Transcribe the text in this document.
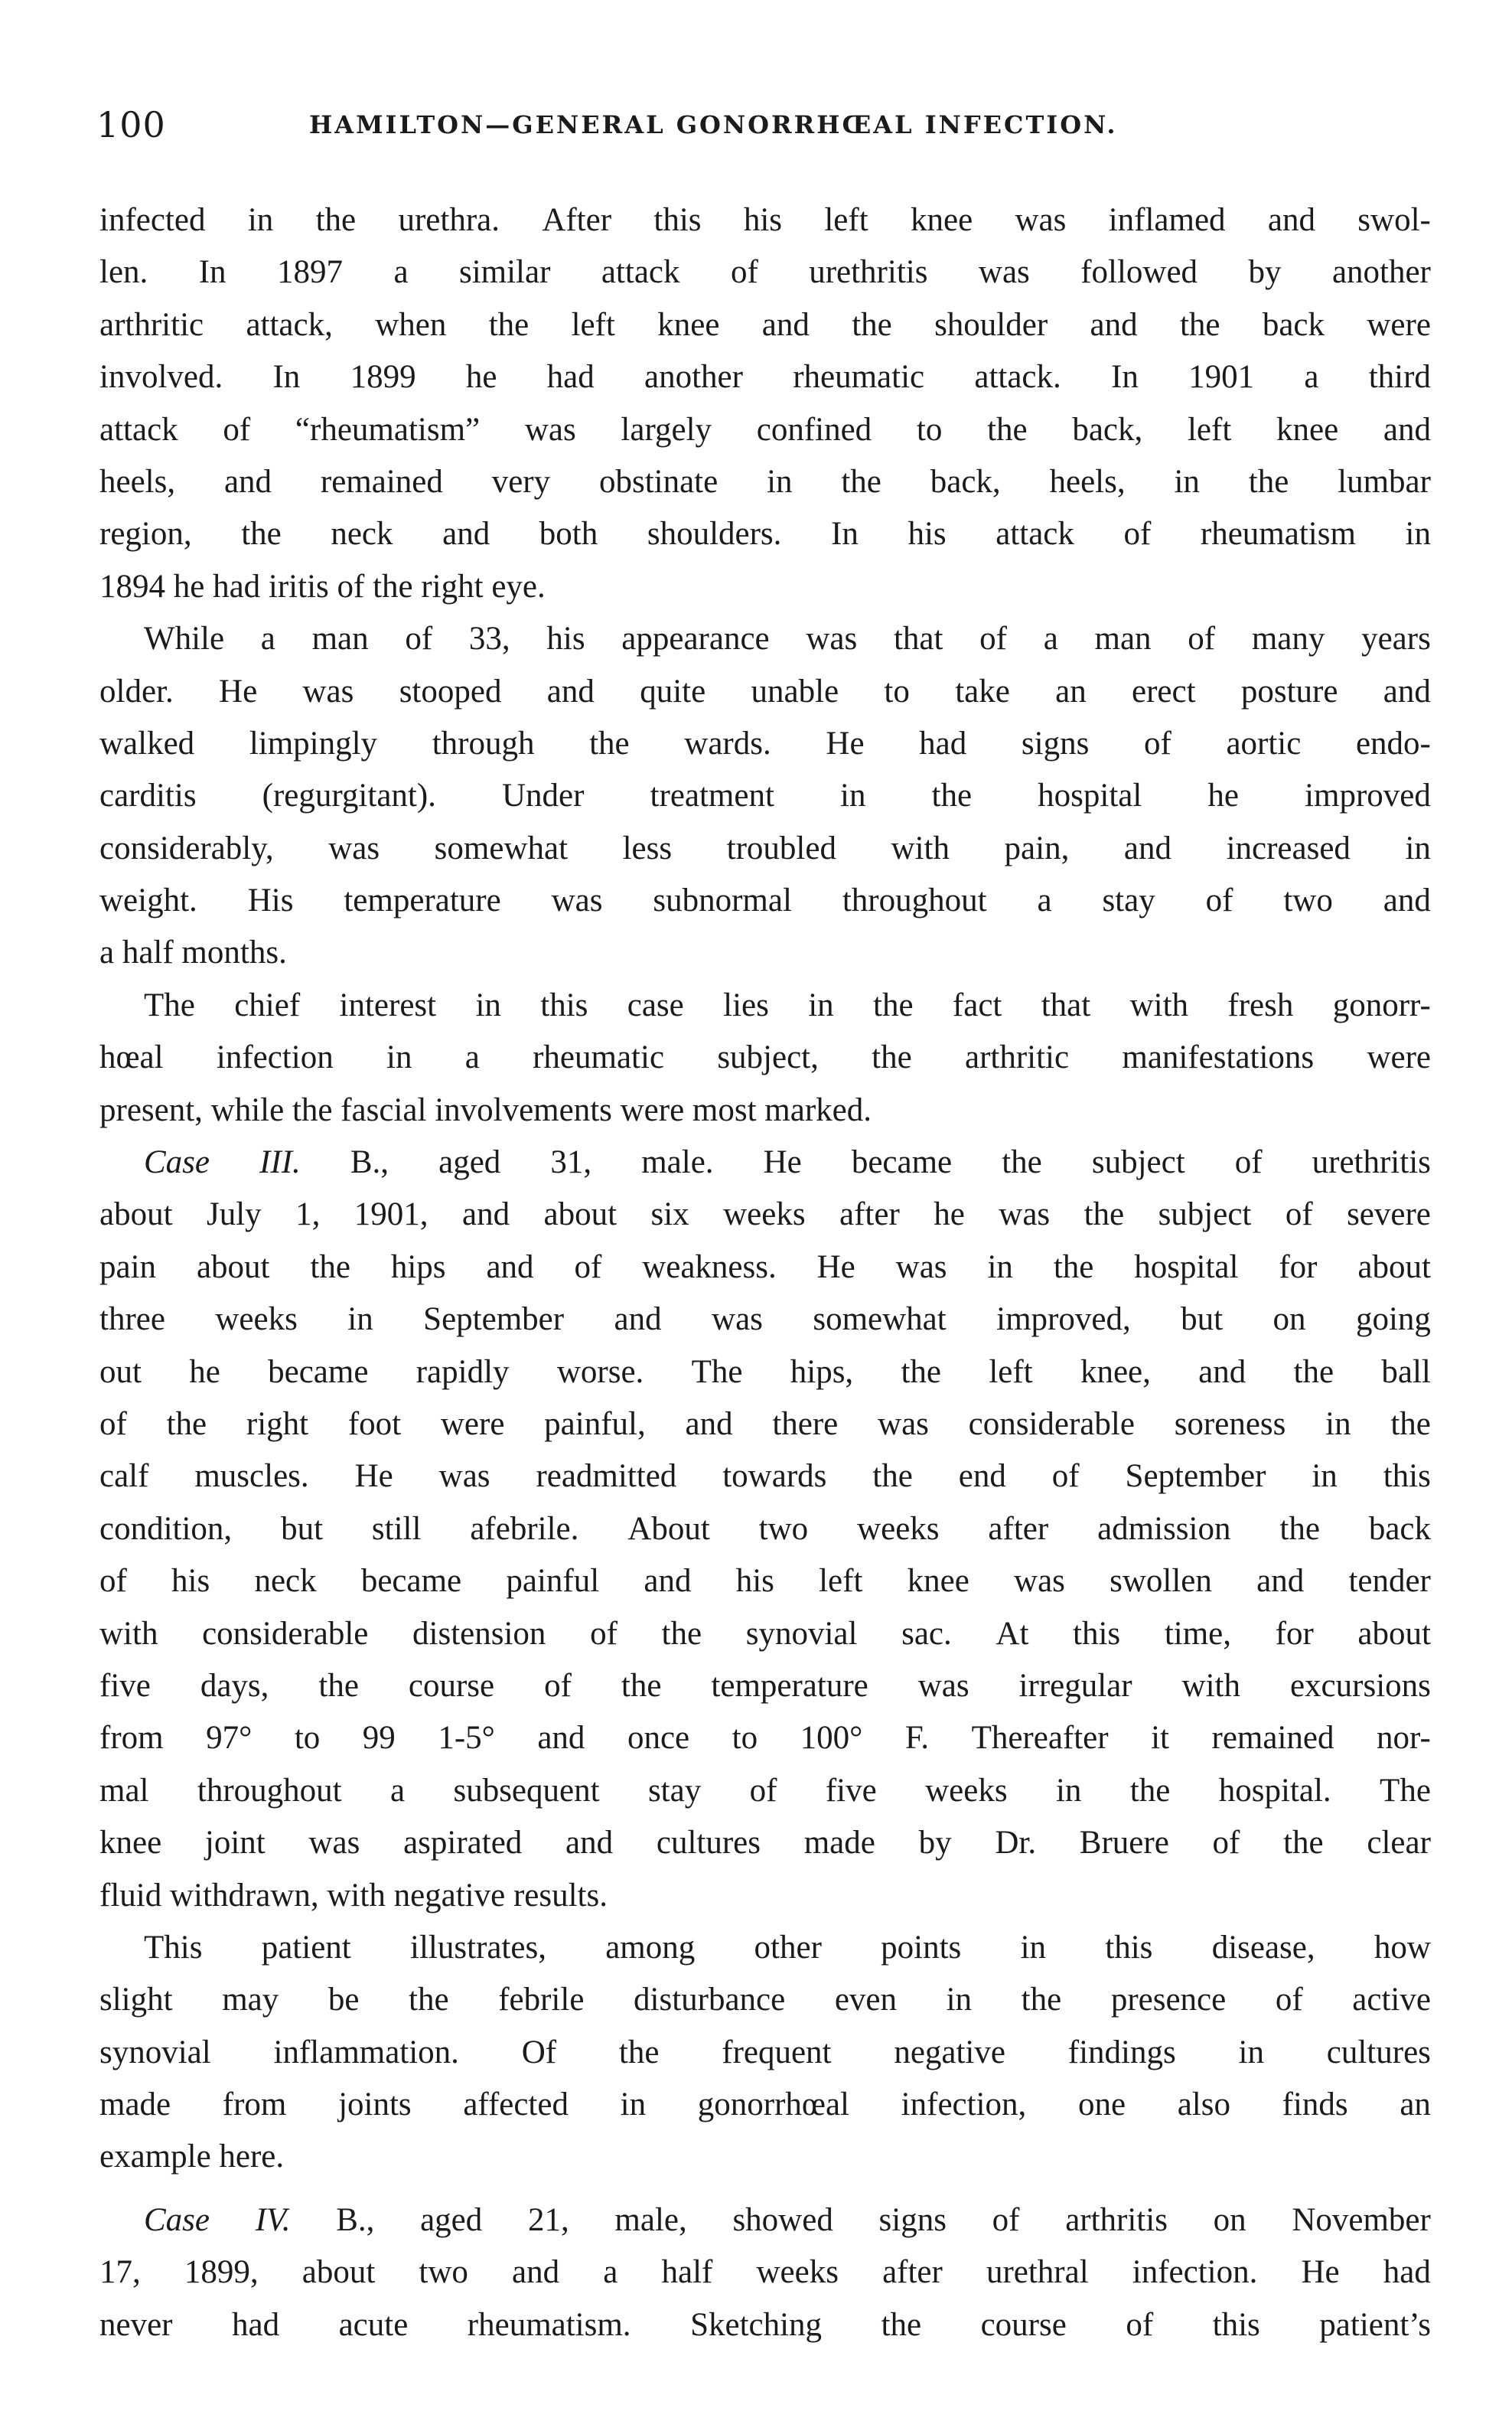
100	HAMILTON—GENERAL GONORRHŒAL INFECTION.
infected in the urethra. After this his left knee was inflamed and swol-
len. In 1897 a similar attack of urethritis was followed by another
arthritic attack, when the left knee and the shoulder and the back were
involved. In 1899 he had another rheumatic attack. In 1901 a third
attack of “rheumatism” was largely confined to the back, left knee and
heels, and remained very obstinate in the back, heels, in the lumbar
region, the neck and both shoulders. In his attack of rheumatism in
1894 he had iritis of the right eye.
While a man of 33, his appearance was that of a man of many years
older. He was stooped and quite unable to take an erect posture and
walked limpingly through the wards. He had signs of aortic endo-
carditis (regurgitant). Under treatment in the hospital he improved
considerably, was somewhat less troubled with pain, and increased in
weight. His temperature was subnormal throughout a stay of two and
a half months.
The chief interest in this case lies in the fact that with fresh gonorr-
hœal infection in a rheumatic subject, the arthritic manifestations were
present, while the fascial involvements were most marked.
Case III. B., aged 31, male. He became the subject of urethritis
about July 1, 1901, and about six weeks after he was the subject of severe
pain about the hips and of weakness. He was in the hospital for about
three weeks in September and was somewhat improved, but on going
out he became rapidly worse. The hips, the left knee, and the ball
of the right foot were painful, and there was considerable soreness in the
calf muscles. He was readmitted towards the end of September in this
condition, but still afebrile. About two weeks after admission the back
of his neck became painful and his left knee was swollen and tender
with considerable distension of the synovial sac. At this time, for about
five days, the course of the temperature was irregular with excursions
from 97° to 99 1-5° and once to 100° F. Thereafter it remained nor-
mal throughout a subsequent stay of five weeks in the hospital. The
knee joint was aspirated and cultures made by Dr. Bruere of the clear
fluid withdrawn, with negative results.
This patient illustrates, among other points in this disease, how
slight may be the febrile disturbance even in the presence of active
synovial inflammation. Of the frequent negative findings in cultures
made from joints affected in gonorrhœal infection, one also finds an
example here.
Case IV. B., aged 21, male, showed signs of arthritis on November
17, 1899, about two and a half weeks after urethral infection. He had
never had acute rheumatism. Sketching the course of this patient’s
